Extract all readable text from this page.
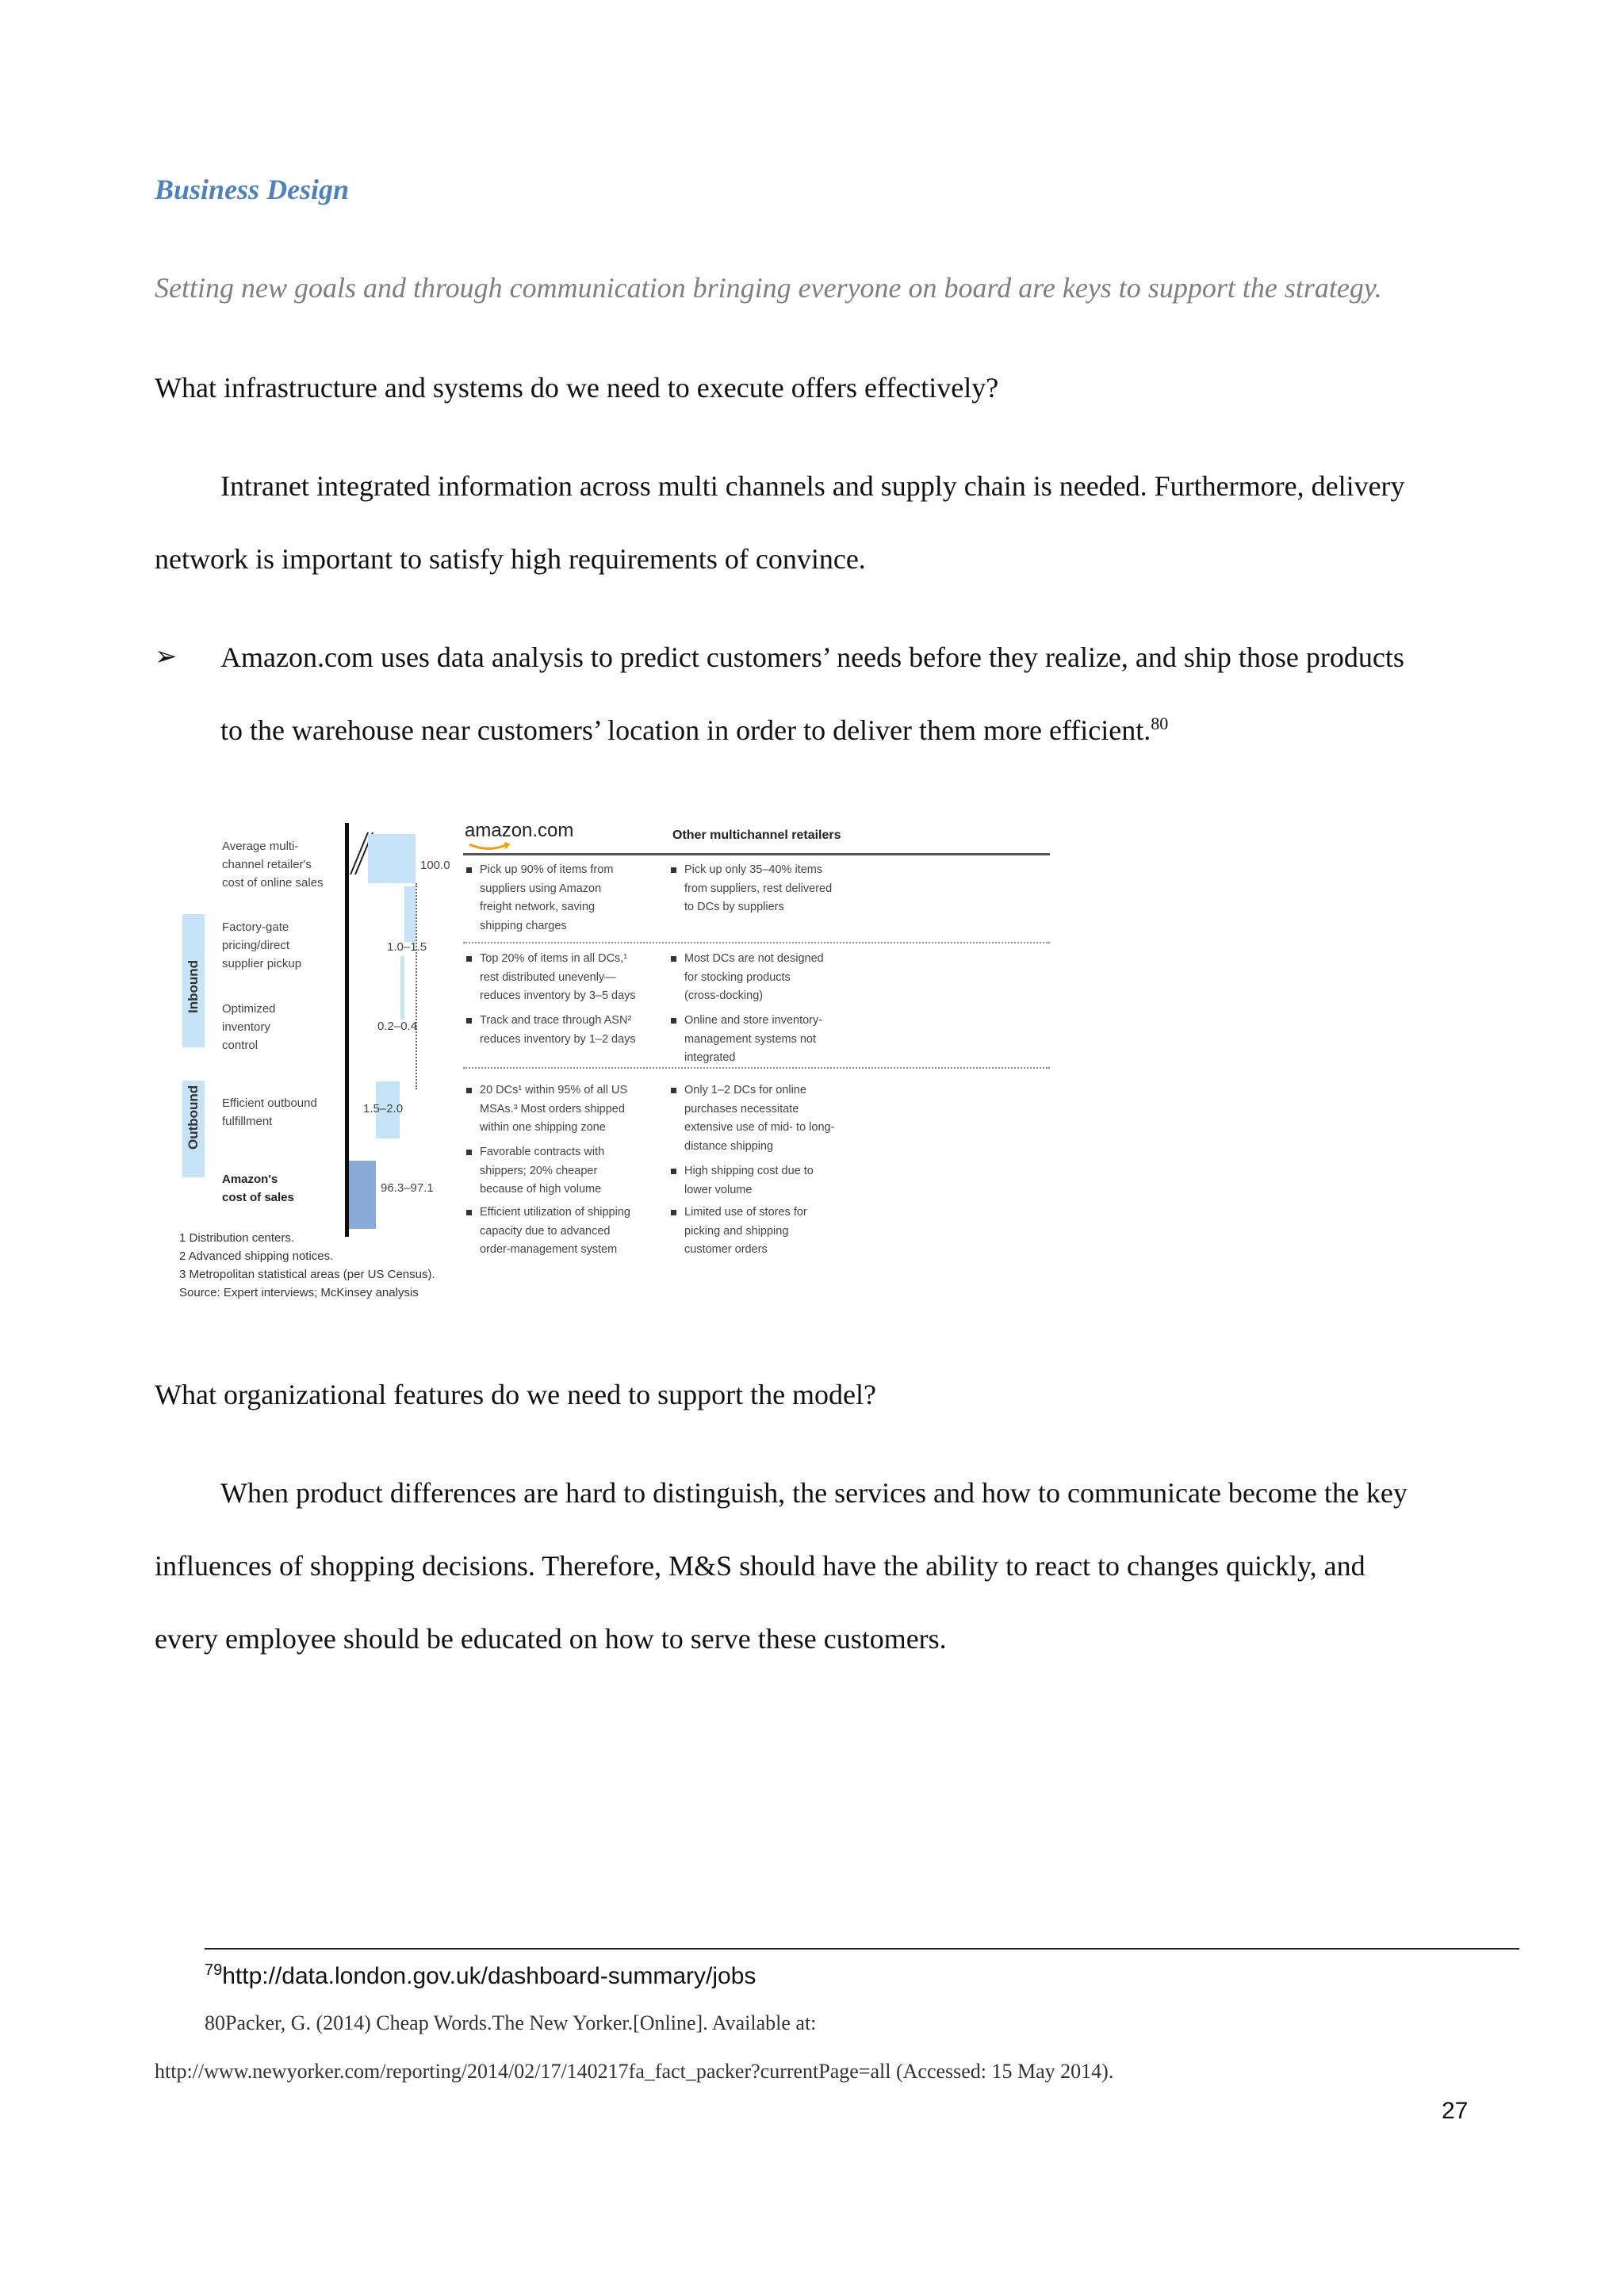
Business Design
Setting new goals and through communication bringing everyone on board are keys to support the strategy.
What infrastructure and systems do we need to execute offers effectively?
Intranet integrated information across multi channels and supply chain is needed. Furthermore, delivery
network is important to satisfy high requirements of convince.
➢ Amazon.com uses data analysis to predict customers’ needs before they realize, and ship those products
to the warehouse near customers’ location in order to deliver them more efficient.$^{80}$
Average multi-
channel retailer's
cost of online sales
100.0
Inbound
Factory-gate
pricing/direct
supplier pickup
1.0–1.5
Optimized
inventory
control
0.2–0.4
Outbound Efficient outbound
fulfillment
1.5–2.0
Amazon's
cost of sales
96.3–97.1
amazon.com	Other multichannel retailers
Pick up 90% of items from
suppliers using Amazon
freight network, saving
shipping charges
Pick up only 35–40% items
from suppliers, rest delivered
to DCs by suppliers
Top 20% of items in all DCs,¹
rest distributed unevenly—
reduces inventory by 3–5 days
Most DCs are not designed
for stocking products
(cross-docking)
Track and trace through ASN²
reduces inventory by 1–2 days
Online and store inventory-
management systems not
integrated
20 DCs¹ within 95% of all US
MSAs.³ Most orders shipped
within one shipping zone
Only 1–2 DCs for online
purchases necessitate
extensive use of mid- to long-
distance shipping
Favorable contracts with
shippers; 20% cheaper
because of high volume
High shipping cost due to
lower volume
Efficient utilization of shipping
capacity due to advanced
order-management system
Limited use of stores for
picking and shipping
customer orders
1 Distribution centers.
2 Advanced shipping notices.
3 Metropolitan statistical areas (per US Census).
Source: Expert interviews; McKinsey analysis
What organizational features do we need to support the model?
When product differences are hard to distinguish, the services and how to communicate become the key
influences of shopping decisions. Therefore, M&S should have the ability to react to changes quickly, and
every employee should be educated on how to serve these customers.
$^{79}$http://data.london.gov.uk/dashboard-summary/jobs
80Packer, G. (2014) Cheap Words.The New Yorker.[Online]. Available at:
http://www.newyorker.com/reporting/2014/02/17/140217fa_fact_packer?currentPage=all (Accessed: 15 May 2014).
27
